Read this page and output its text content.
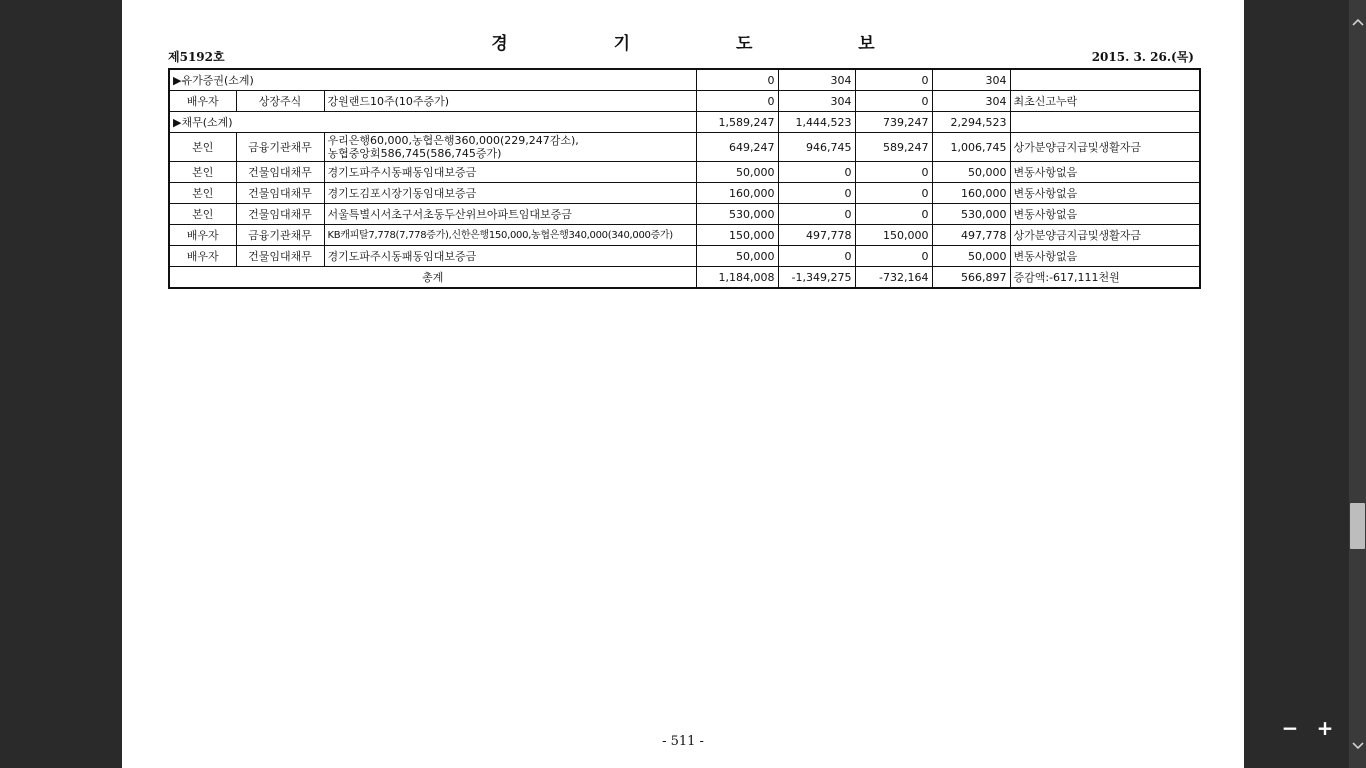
경 기 도 보
제5192호	2015. 3. 26.(목)
▶유가증권(소계)			0	304	0	304	
배우자	상장주식	강원랜드10주(10주증가)	0	304	0	304	최초신고누락
▶채무(소계)			1,589,247	1,444,523	739,247	2,294,523	
본인	금융기관채무	우리은행60,000,농협은행360,000(229,247감소),
농협중앙회586,745(586,745증가)	649,247	946,745	589,247	1,006,745	상가분양금지급및생활자금
본인	건물임대채무	경기도파주시동패동임대보증금	50,000	0	0	50,000	변동사항없음
본인	건물임대채무	경기도김포시장기동임대보증금	160,000	0	0	160,000	변동사항없음
본인	건물임대채무	서울특별시서초구서초동두산위브아파트임대보증금	530,000	0	0	530,000	변동사항없음
배우자	금융기관채무	KB캐피탈7,778(7,778증가),신한은행150,000,농협은행340,000(340,000증가)	150,000	497,778	150,000	497,778	상가분양금지급및생활자금
배우자	건물임대채무	경기도파주시동패동임대보증금	50,000	0	0	50,000	변동사항없음
총계			1,184,008	-1,349,275	-732,164	566,897	증감액:-617,111천원
- 511 -
− +
